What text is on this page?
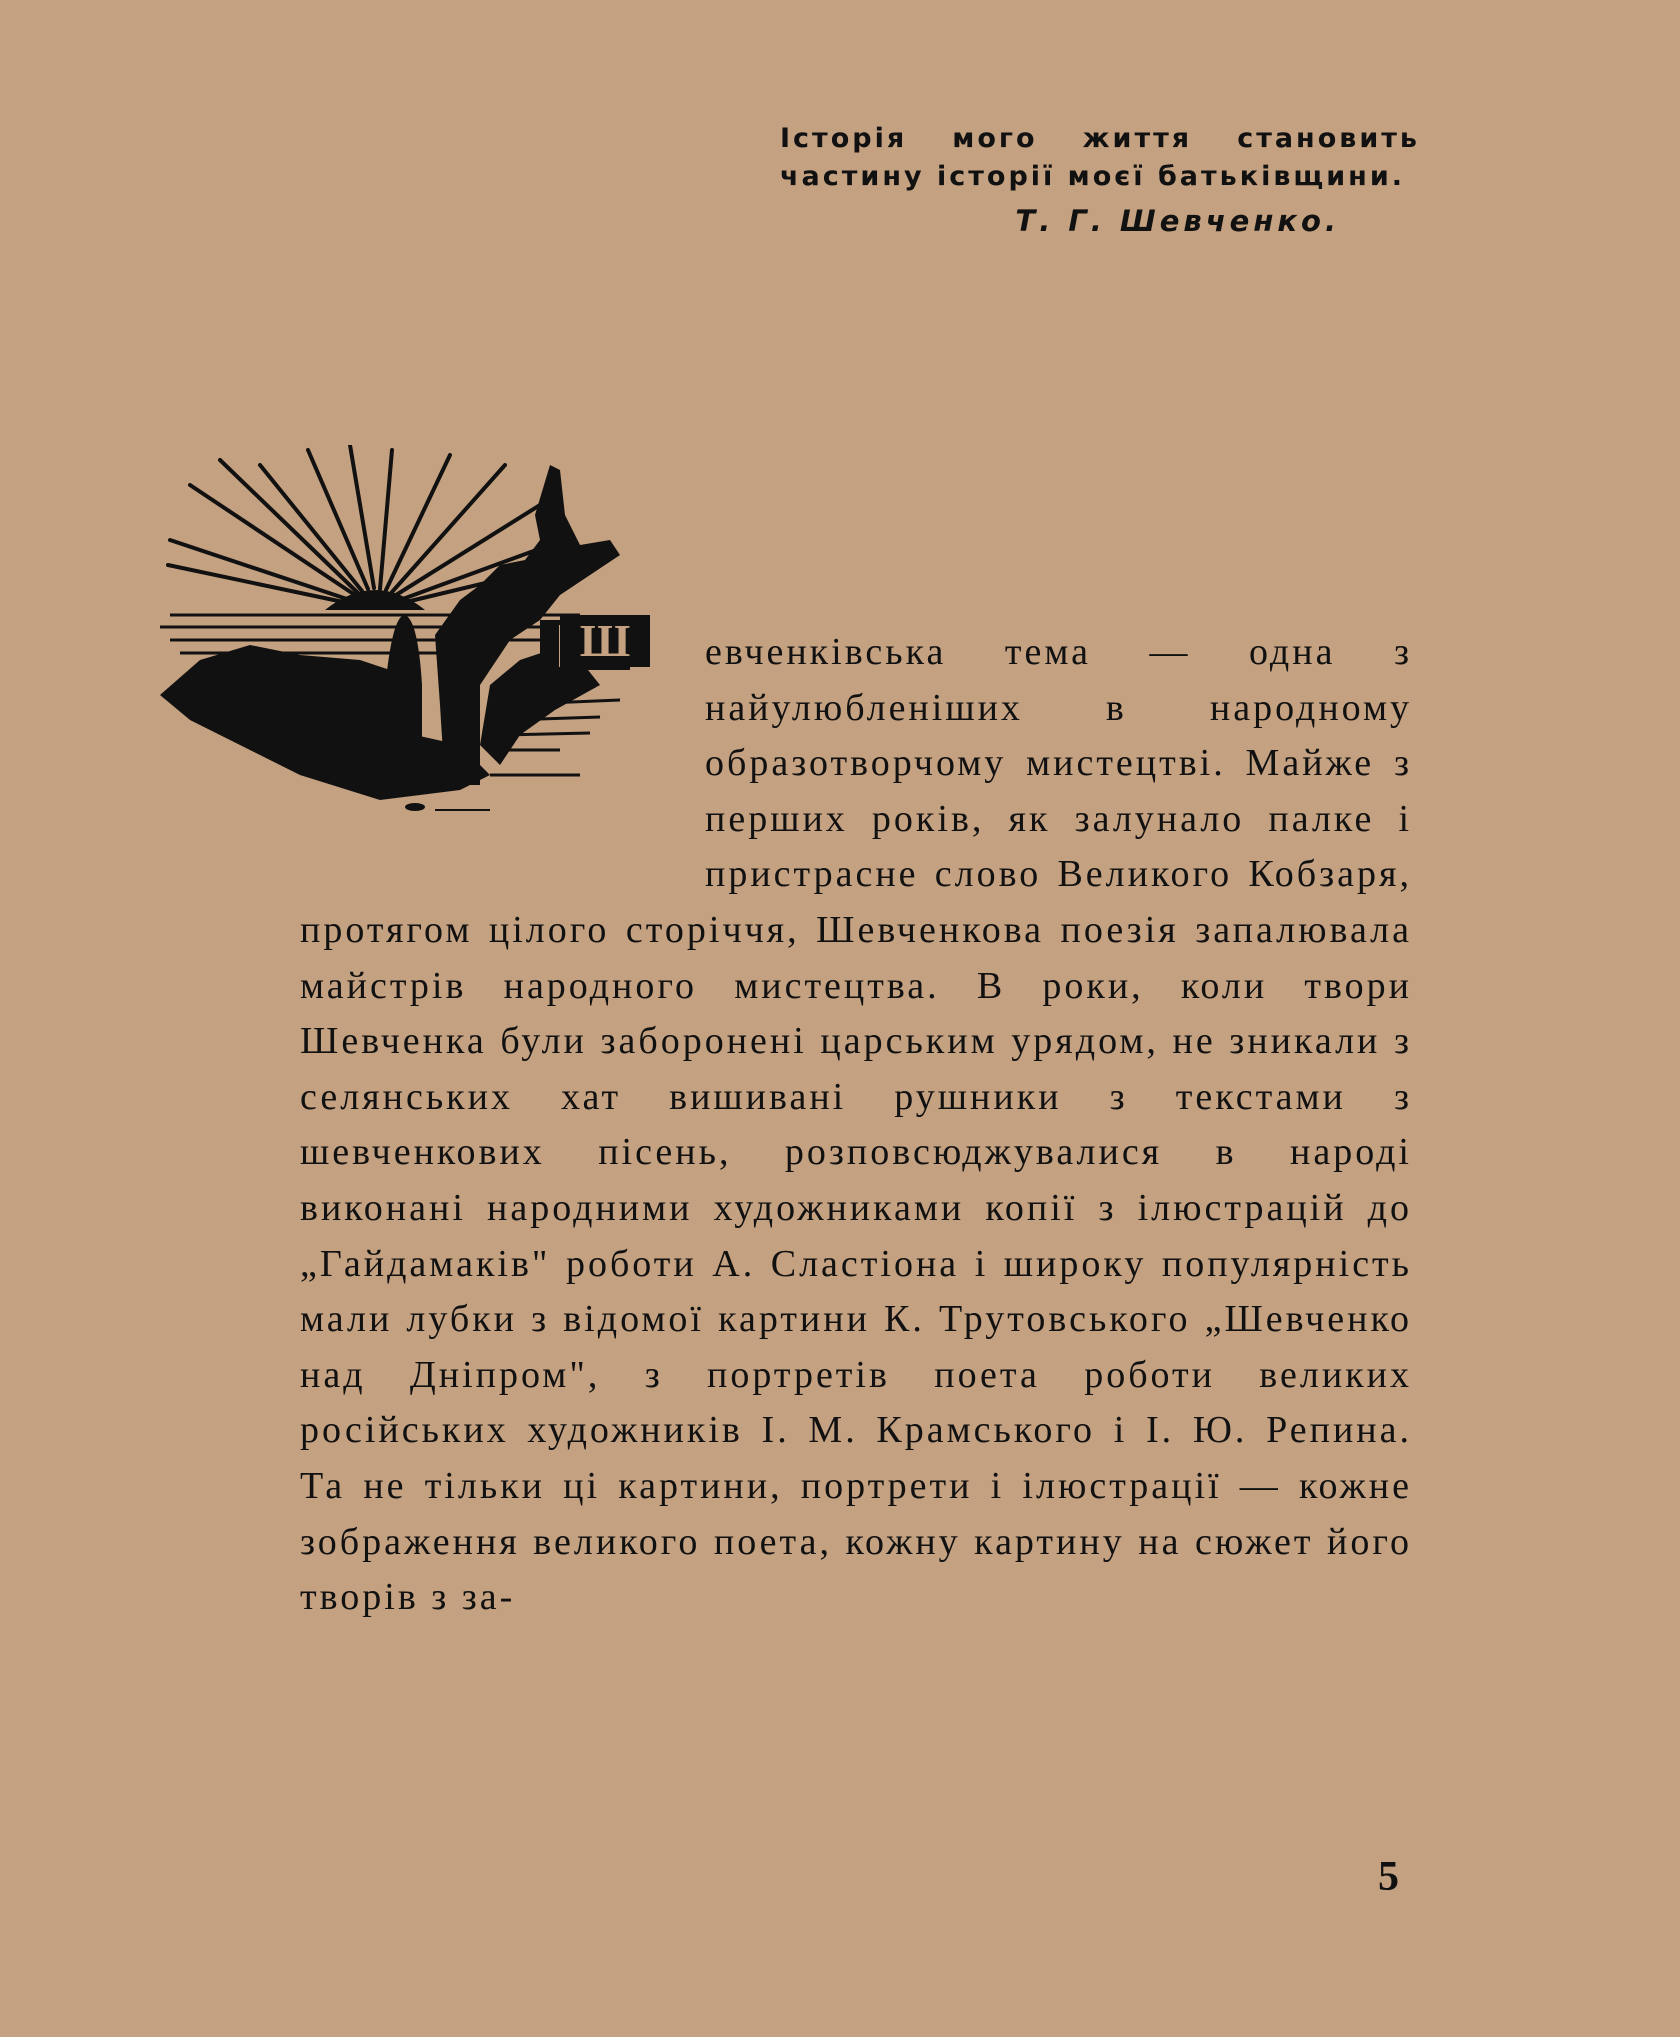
Історія мого життя становить частину історії моєї батьківщини.
Т. Г. Шевченко.
Ш	евченківська тема — одна з найулюбленіших в народному образотворчому мистецтві. Майже з перших років, як залунало палке і пристрасне слово Великого Кобзаря, протягом цілого сторіччя, Шевченкова поезія запалювала майстрів народного мистецтва. В роки, коли твори Шевченка були заборонені царським урядом, не зникали з селянських хат вишивані рушники з текстами з шевченкових пісень, розповсюджувалися в народі виконані народними художниками копії з ілюстрацій до „Гайдамаків" роботи А. Сластіона і широку популярність мали лубки з відомої картини К. Трутовського „Шевченко над Дніпром", з портретів поета роботи великих російських художників І. М. Крамського і І. Ю. Репина. Та не тільки ці картини, портрети і ілюстрації — кожне зображення великого поета, кожну картину на сюжет його творів з за-
5
